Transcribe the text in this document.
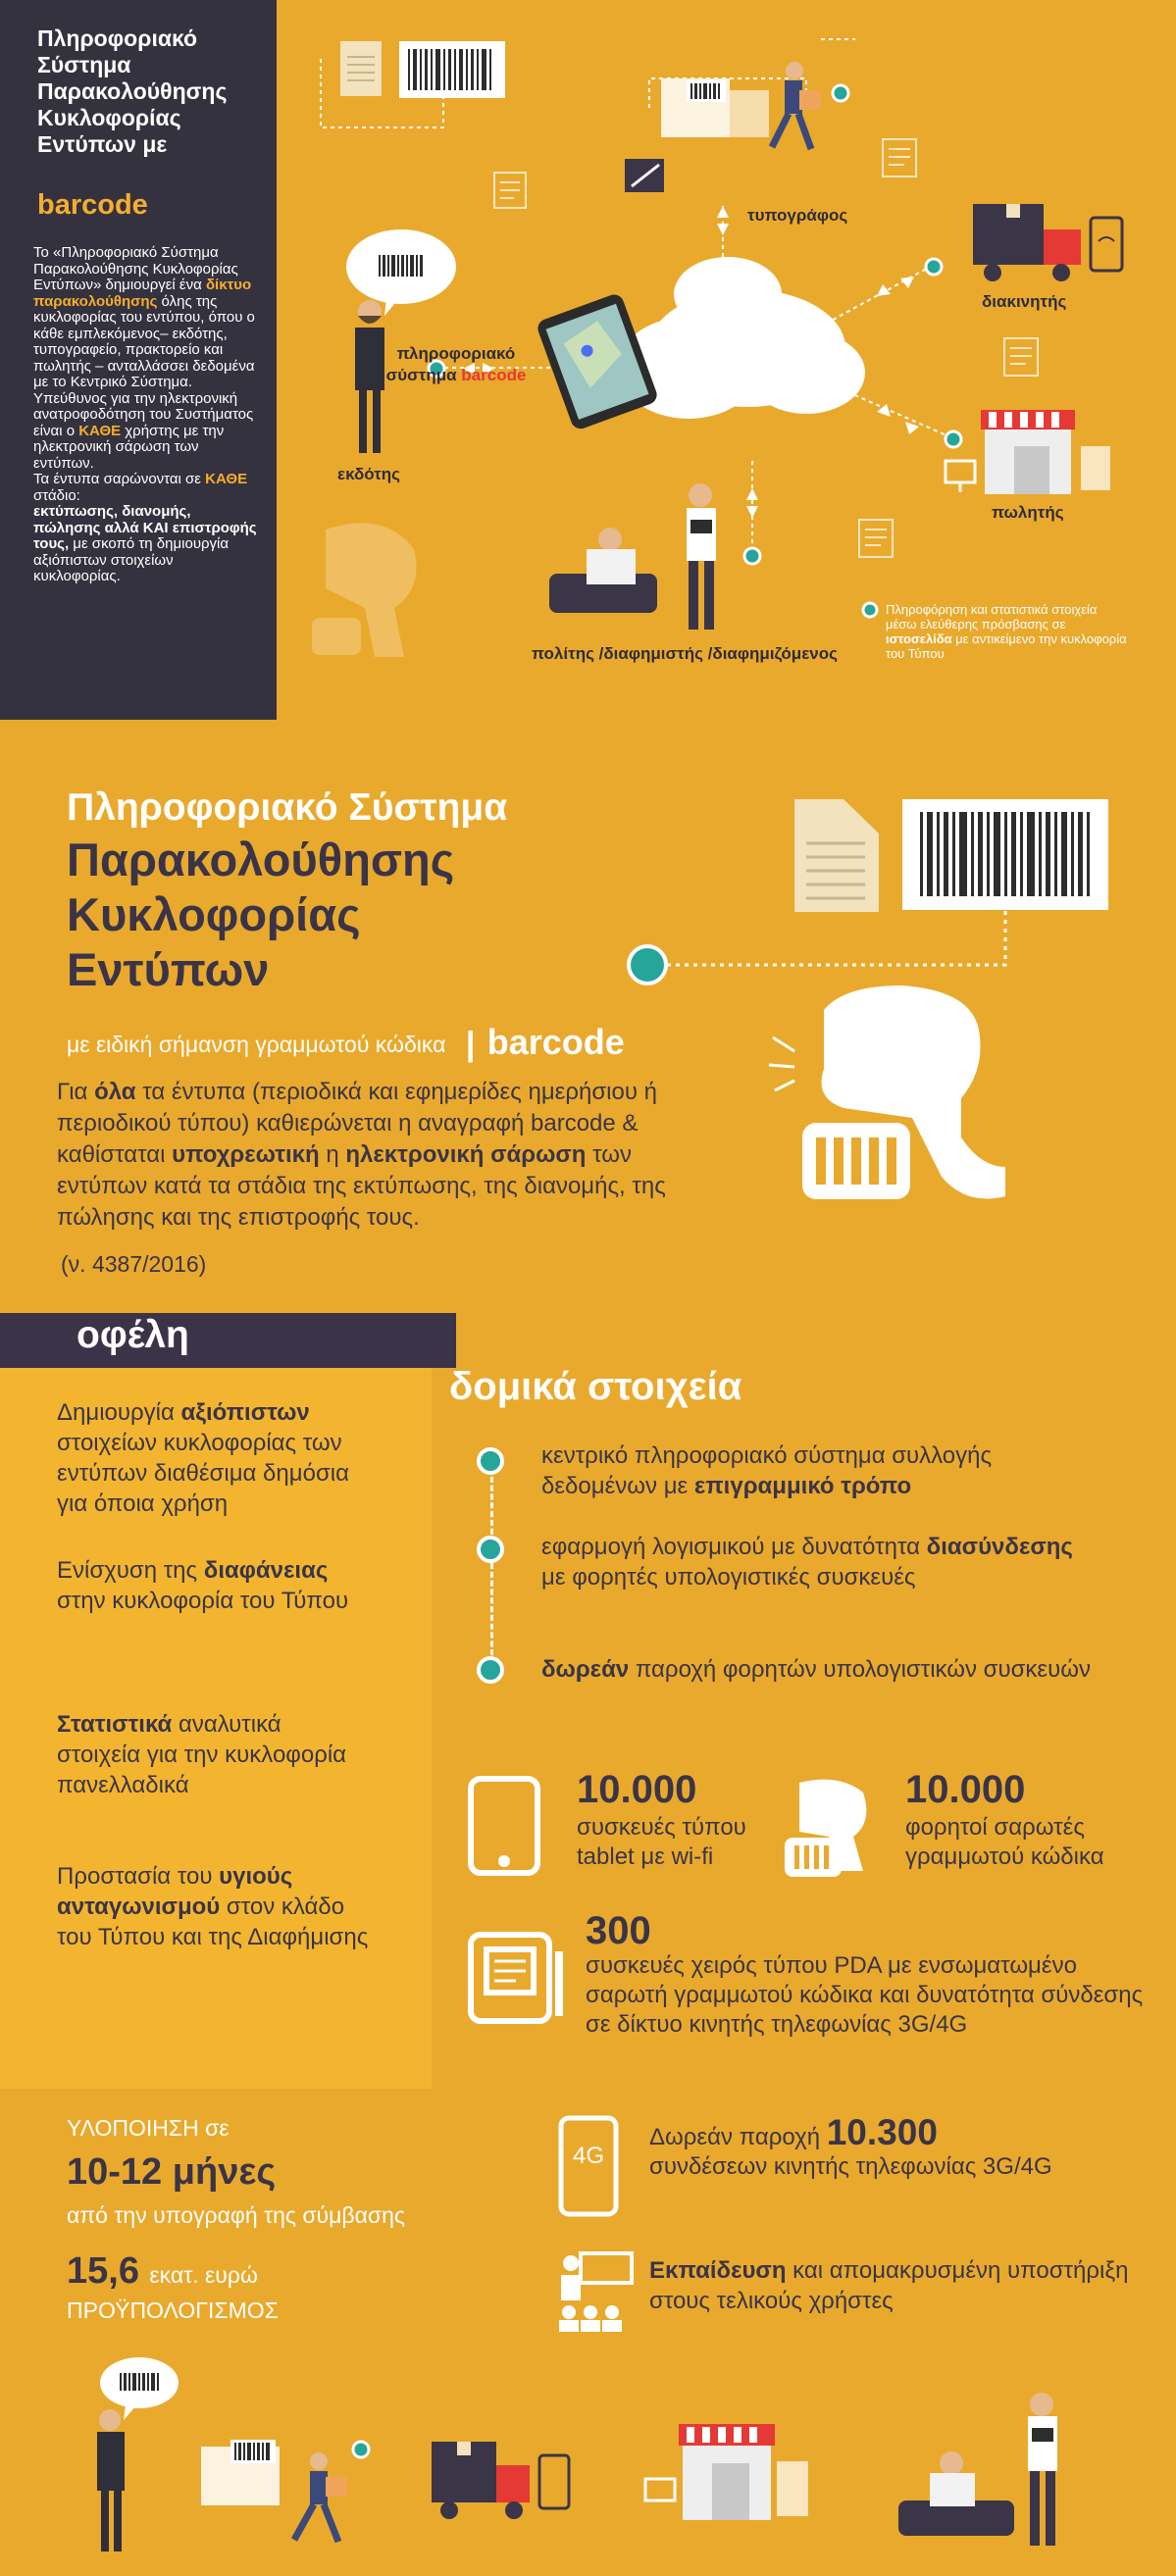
Πληροφοριακό Σύστημα Παρακολούθησης Κυκλοφορίας Εντύπων με
barcode
Το «Πληροφοριακό Σύστημα Παρακολούθησης Κυκλοφορίας Εντύπων» δημιουργεί ένα δίκτυο παρακολούθησης όλης της κυκλοφορίας του εντύπου, όπου ο κάθε εμπλεκόμενος– εκδότης, τυπογραφείο, πρακτορείο και πωλητής – ανταλλάσσει δεδομένα με το Κεντρικό Σύστημα. Υπεύθυνος για την ηλεκτρονική ανατροφοδότηση του Συστήματος είναι ο ΚΑΘΕ χρήστης με την ηλεκτρονική σάρωση των εντύπων.
Τα έντυπα σαρώνονται σε ΚΑΘΕ στάδιο:
εκτύπωσης, διανομής, πώλησης αλλά ΚΑΙ επιστροφής τους, με σκοπό τη δημιουργία αξιόπιστων στοιχείων κυκλοφορίας.
πληροφοριακό
σύστημα barcode
εκδότης
τυπογράφος
διακινητής
πωλητής
πολίτης /διαφημιστής /διαφημιζόμενος
Πληροφόρηση και στατιστικά στοιχεία μέσω ελεύθερης πρόσβασης σε ιστοσελίδα με αντικείμενο την κυκλοφορία του Τύπου
Πληροφοριακό Σύστημα
Παρακολούθησης
Κυκλοφορίας
Εντύπων
με ειδική σήμανση γραμμωτού κώδικα | barcode
Για όλα τα έντυπα (περιοδικά και εφημερίδες ημερήσιου ή περιοδικού τύπου) καθιερώνεται η αναγραφή barcode & καθίσταται υποχρεωτική η ηλεκτρονική σάρωση των εντύπων κατά τα στάδια της εκτύπωσης, της διανομής, της πώλησης και της επιστροφής τους.
(ν. 4387/2016)
οφέλη
Δημιουργία αξιόπιστων στοιχείων κυκλοφορίας των εντύπων διαθέσιμα δημόσια για όποια χρήση
Ενίσχυση της διαφάνειας στην κυκλοφορία του Τύπου
Στατιστικά αναλυτικά στοιχεία για την κυκλοφορία πανελλαδικά
Προστασία του υγιούς ανταγωνισμού στον κλάδο του Τύπου και της Διαφήμισης
δομικά στοιχεία
κεντρικό πληροφοριακό σύστημα συλλογής δεδομένων με επιγραμμικό τρόπο
εφαρμογή λογισμικού με δυνατότητα διασύνδεσης με φορητές υπολογιστικές συσκευές
δωρεάν παροχή φορητών υπολογιστικών συσκευών
10.000
συσκευές τύπου tablet με wi-fi
10.000
φορητοί σαρωτές γραμμωτού κώδικα
300
συσκευές χειρός τύπου PDA με ενσωματωμένο σαρωτή γραμμωτού κώδικα και δυνατότητα σύνδεσης σε δίκτυο κινητής τηλεφωνίας 3G/4G
ΥΛΟΠΟΙΗΣΗ σε
10-12 μήνες
από την υπογραφή της σύμβασης
15,6 εκατ. ευρώ
ΠΡΟΫΠΟΛΟΓΙΣΜΟΣ
4G
Δωρεάν παροχή 10.300
συνδέσεων κινητής τηλεφωνίας 3G/4G
Εκπαίδευση και απομακρυσμένη υποστήριξη στους τελικούς χρήστες
